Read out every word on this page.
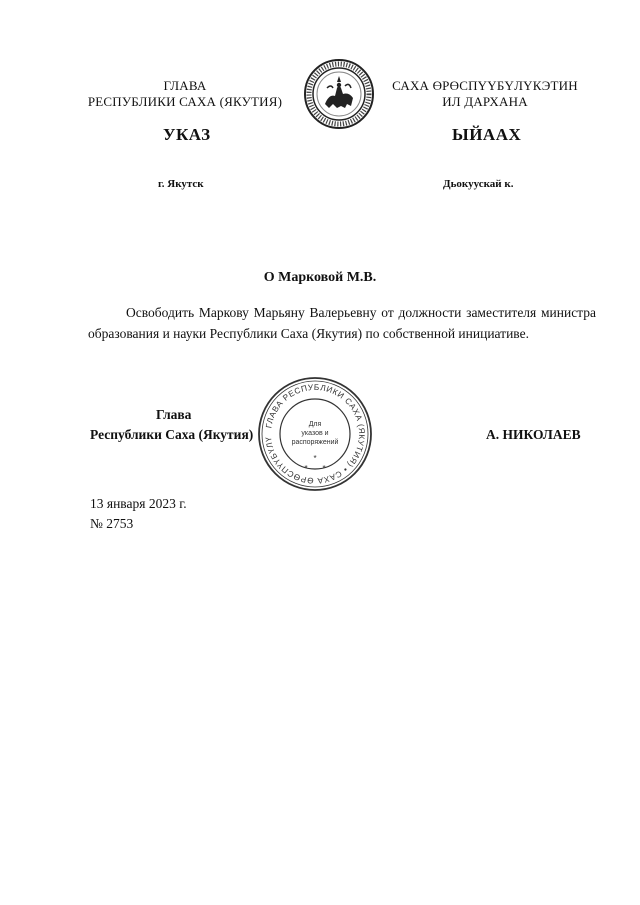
ГЛАВА
РЕСПУБЛИКИ САХА (ЯКУТИЯ)
САХА ӨРӨСПҮҮБҮЛҮКЭТИН
ИЛ ДАРХАНА
УКАЗ	ЫЙААХ
г. Якутск	Дьокуускай к.
О Марковой М.В.
Освободить Маркову Марьяну Валерьевну от должности заместителя министра образования и науки Республики Саха (Якутия) по собственной инициативе.
Глава
Республики Саха (Якутия)	А. НИКОЛАЕВ
ГЛАВА РЕСПУБЛИКИ САХА (ЯКУТИЯ) • САХА ӨРӨСПҮҮБҮЛҮ
Для
указов и
распоряжений
*
* *
13 января 2023 г.
№ 2753
